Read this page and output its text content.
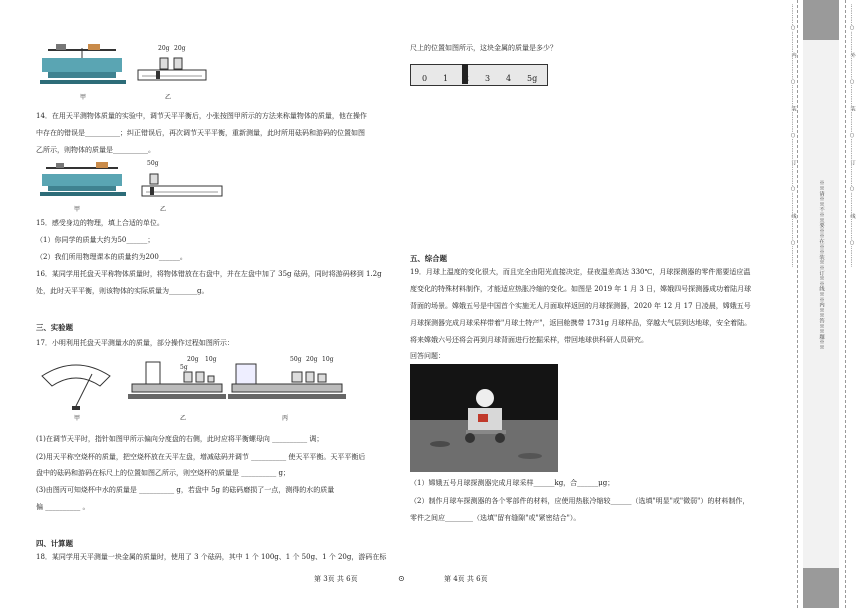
甲	乙
20g 20g
14．在用天平测物体质量的实验中，调节天平平衡后，小张按图甲所示的方法来称量物体的质量，他在操作
中存在的错误是__________；纠正错误后，再次调节天平平衡，重新测量，此时所用砝码和游码的位置如图
乙所示，则物体的质量是__________。
50g
甲	乙
15．感受身边的物理，填上合适的单位。
（1）你同学的质量大约为50______；
（2）我们所用物理课本的质量约为200______。
16．某同学用托盘天平称物体质量时，将物体错放在右盘中，并在左盘中加了 35g 砝码，同时将游码移到 1.2g
处，此时天平平衡，则该物体的实际质量为________g。
三、实验题
17．小明利用托盘天平测量水的质量，部分操作过程如图所示：
20g 10g
5g
50g 20g 10g
甲	乙	丙
(1)在调节天平时，指针如图甲所示偏向分度盘的右侧，此时应将平衡螺母向 __________ 调；
(2)用天平称空烧杯的质量，把空烧杯放在天平左盘，增减砝码并调节 __________ 使天平平衡。天平平衡后
盘中的砝码和游码在标尺上的位置如图乙所示，则空烧杯的质量是 __________ g；
(3)由图丙可知烧杯中水的质量是 __________ g，若盘中 5g 的砝码磨损了一点，测得的水的质量
偏 __________ 。
四、计算题
18．某同学用天平测量一块金属的质量时，使用了 3 个砝码，其中 1 个 100g、1 个 50g、1 个 20g，游码在标
尺上的位置如图所示，这块金属的质量是多少？
0 1 2 3 4 5g
五、综合题
19．月球上温度的变化很大，而且完全由阳光直接决定，昼夜温差高达 330℃，月球探测器的零件需要适应温
度变化的特殊材料制作，才能适应热胀冷缩的变化。如图是 2019 年 1 月 3 日，嫦娥四号探测器成功着陆月球
背面的场景。嫦娥五号是中国首个实施无人月面取样返回的月球探测器，2020 年 12 月 17 日凌晨，嫦娥五号
月球探测器完成月球采样带着"月球土特产"，返回舱携带 1731g 月球样品，穿越大气层到达地球，安全着陆。
将来嫦娥六号还将会再到月球背面进行挖掘采样，带回地球供科研人员研究。
回答问题：
（1）嫦娥五号月球探测器完成月球采样______kg，合______μg；
（2）制作月球车探测器的各个零部件的材料，应使用热胀冷缩较______（选填"明显"或"微弱"）的材料制作，
零件之间应________（选填"留有缝隙"或"紧密结合"）。
第 3页 共 6页	⊙	第 4页 共 6页
…………○…………内…………○…………装…………○…………订…………○…………线…………○…………	※※请※※不※※要※※在※※装※※订※※线※※内※※答※※题※※	…………○…………外…………○…………装…………○…………订…………○…………线…………○…………
